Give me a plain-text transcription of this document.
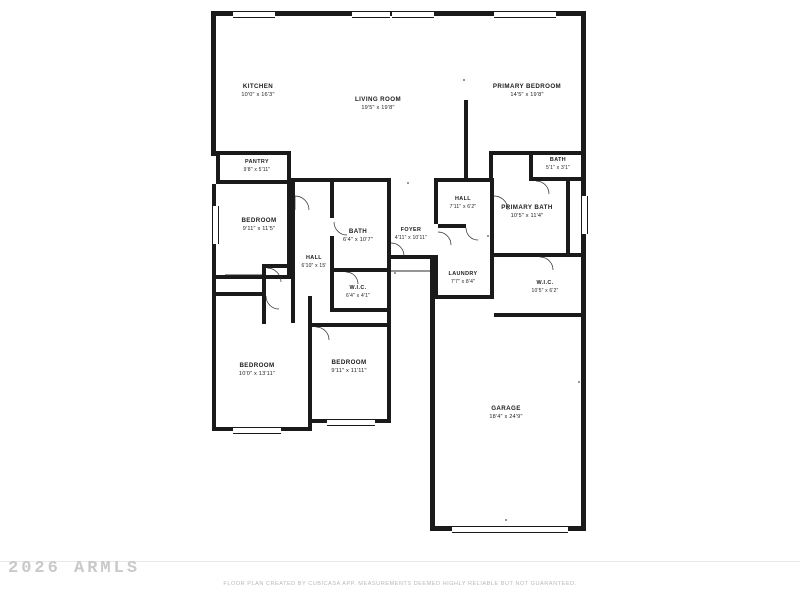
KITCHEN
10'0" x 16'3"
LIVING ROOM
19'5" x 19'8"
PRIMARY BEDROOM
14'5" x 19'8"
PANTRY
9'8" x 5'11"
BATH
5'1" x 3'1"
BEDROOM
9'11" x 11'5"	BATH
6'4" x 10'7"
FOYER
4'11" x 10'11"
HALL
7'11" x 6'2"	PRIMARY BATH
10'5" x 11'4"
HALL
6'10" x 15'
LAUNDRY
7'7" x 8'4"
W.I.C.
6'4" x 4'1"
W.I.C.
10'5" x 6'2"
BEDROOM
10'0" x 13'11"
BEDROOM
9'11" x 11'11"
GARAGE
18'4" x 24'9"
2026 ARMLS
FLOOR PLAN CREATED BY CUBICASA APP. MEASUREMENTS DEEMED HIGHLY RELIABLE BUT NOT GUARANTEED.
